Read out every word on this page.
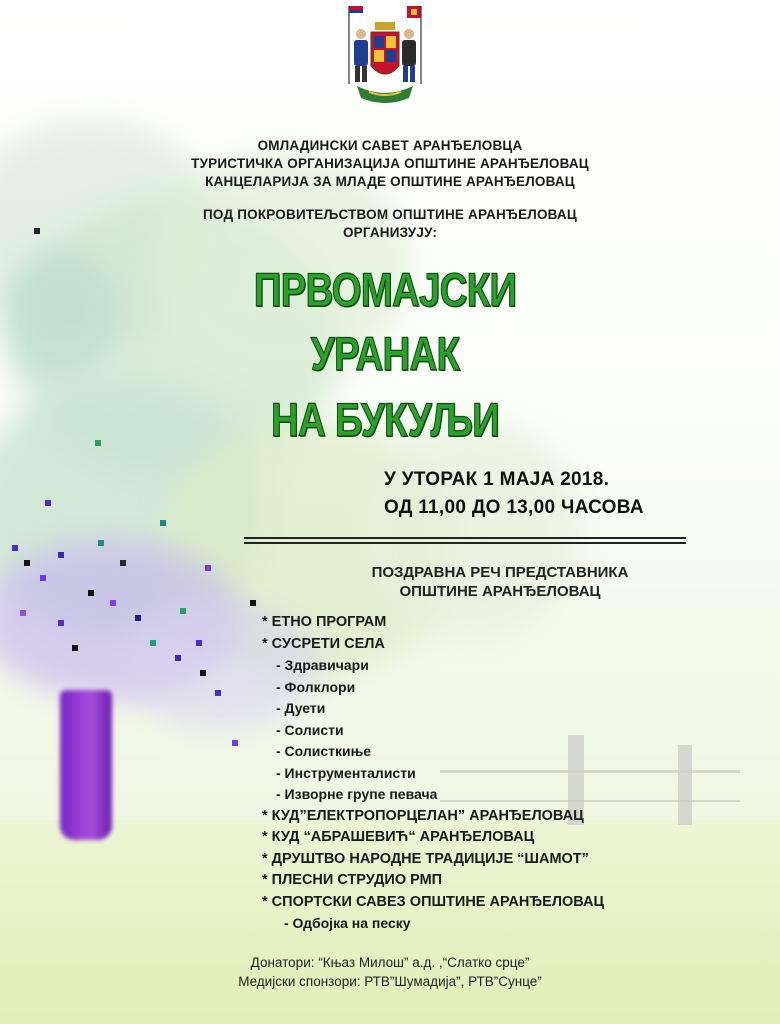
ОМЛАДИНСКИ САВЕТ АРАНЂЕЛОВЦА
ТУРИСТИЧКА ОРГАНИЗАЦИЈА ОПШТИНЕ АРАНЂЕЛОВАЦ
КАНЦЕЛАРИЈА ЗА МЛАДЕ ОПШТИНЕ АРАНЂЕЛОВАЦ
ПОД ПОКРОВИТЕЉСТВОМ ОПШТИНЕ АРАНЂЕЛОВАЦ
ОРГАНИЗУЈУ:
ПРВОМАЈСКИ
УРАНАК
НА БУКУЉИ
У УТОРАК 1 МАЈА 2018.
ОД 11,00 ДО 13,00 ЧАСОВА
ПОЗДРАВНА РЕЧ ПРЕДСТАВНИКА
ОПШТИНЕ АРАНЂЕЛОВАЦ
* ЕТНО ПРОГРАМ
* СУСРЕТИ СЕЛА
- Здравичари
- Фолклори
- Дуети
- Солисти
- Солисткиње
- Инструменталисти
- Изворне групе певача
* КУД”ЕЛЕКТРОПОРЦЕЛАН” АРАНЂЕЛОВАЦ
* КУД “АБРАШЕВИЋ“ АРАНЂЕЛОВАЦ
* ДРУШТВО НАРОДНЕ ТРАДИЦИЈЕ “ШАМОТ”
* ПЛЕСНИ СТРУДИО РМП
* СПОРТСКИ САВЕЗ ОПШТИНЕ АРАНЂЕЛОВАЦ
- Одбојка на песку
Донатори: “Књаз Милош” а.д. ,“Слатко срце”
Медијски спонзори: РТВ”Шумадија”, РТВ”Сунце”
